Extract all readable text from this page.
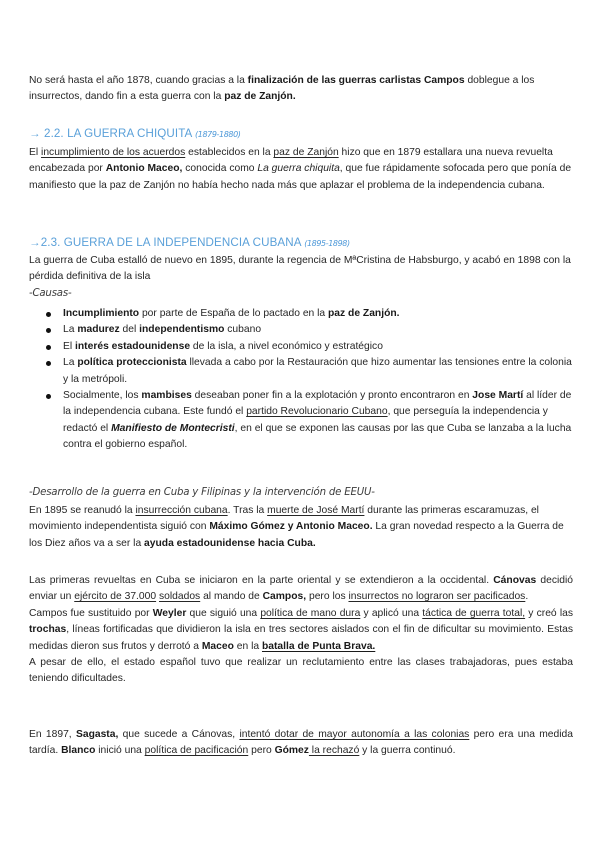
No será hasta el año 1878, cuando gracias a la finalización de las guerras carlistas Campos doblegue a los insurrectos, dando fin a esta guerra con la paz de Zanjón.

→ 2.2. LA GUERRA CHIQUITA (1879-1880)

El incumplimiento de los acuerdos establecidos en la paz de Zanjón hizo que en 1879 estallara una nueva revuelta encabezada por Antonio Maceo, conocida como La guerra chiquita, que fue rápidamente sofocada pero que ponía de manifiesto que la paz de Zanjón no había hecho nada más que aplazar el problema de la independencia cubana.

→2.3. GUERRA DE LA INDEPENDENCIA CUBANA (1895-1898)

La guerra de Cuba estalló de nuevo en 1895, durante la regencia de MªCristina de Habsburgo, y acabó en 1898 con la pérdida definitiva de la isla

-Causas-

Incumplimiento por parte de España de lo pactado en la paz de Zanjón.
La madurez del independentismo cubano
El interés estadounidense de la isla, a nivel económico y estratégico
La política proteccionista llevada a cabo por la Restauración que hizo aumentar las tensiones entre la colonia y la metrópoli.
Socialmente, los mambises deseaban poner fin a la explotación y pronto encontraron en Jose Martí al líder de la independencia cubana. Este fundó el partido Revolucionario Cubano, que perseguía la independencia y redactó el Manifiesto de Montecristi, en el que se exponen las causas por las que Cuba se lanzaba a la lucha contra el gobierno español.

-Desarrollo de la guerra en Cuba y Filipinas y la intervención de EEUU-

En 1895 se reanudó la insurrección cubana. Tras la muerte de José Martí durante las primeras escaramuzas, el movimiento independentista siguió con Máximo Gómez y Antonio Maceo. La gran novedad respecto a la Guerra de los Diez años va a ser la ayuda estadounidense hacia Cuba.

Las primeras revueltas en Cuba se iniciaron en la parte oriental y se extendieron a la occidental. Cánovas decidió enviar un ejército de 37.000 soldados al mando de Campos, pero los insurrectos no lograron ser pacificados.

Campos fue sustituido por Weyler que siguió una política de mano dura y aplicó una táctica de guerra total, y creó las trochas, líneas fortificadas que dividieron la isla en tres sectores aislados con el fin de dificultar su movimiento. Estas medidas dieron sus frutos y derrotó a Maceo en la batalla de Punta Brava.

A pesar de ello, el estado español tuvo que realizar un reclutamiento entre las clases trabajadoras, pues estaba teniendo dificultades.

En 1897, Sagasta, que sucede a Cánovas, intentó dotar de mayor autonomía a las colonias pero era una medida tardía. Blanco inició una política de pacificación pero Gómez la rechazó y la guerra continuó.
